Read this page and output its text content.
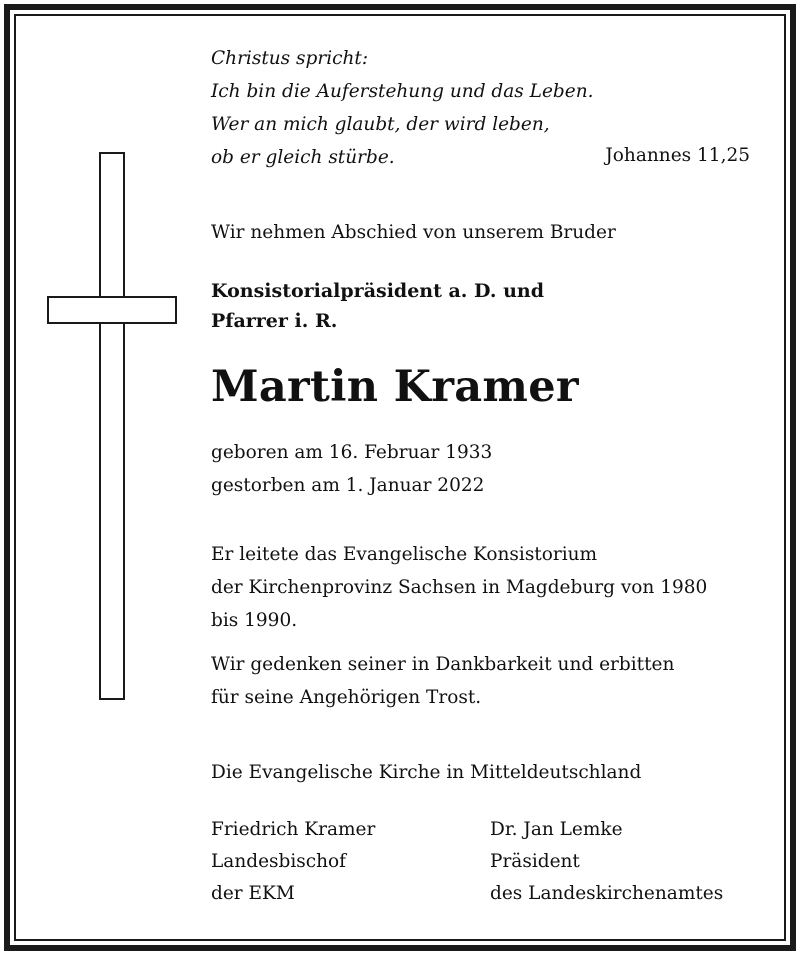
Christus spricht:
Ich bin die Auferstehung und das Leben.
Wer an mich glaubt, der wird leben,
ob er gleich stürbe.	Johannes 11,25
Wir nehmen Abschied von unserem Bruder
Konsistorialpräsident a. D. und
Pfarrer i. R.
Martin Kramer
geboren am 16. Februar 1933
gestorben am 1. Januar 2022
Er leitete das Evangelische Konsistorium
der Kirchenprovinz Sachsen in Magdeburg von 1980
bis 1990.
Wir gedenken seiner in Dankbarkeit und erbitten
für seine Angehörigen Trost.
Die Evangelische Kirche in Mitteldeutschland
Friedrich Kramer
Landesbischof
der EKM
Dr. Jan Lemke
Präsident
des Landeskirchenamtes
